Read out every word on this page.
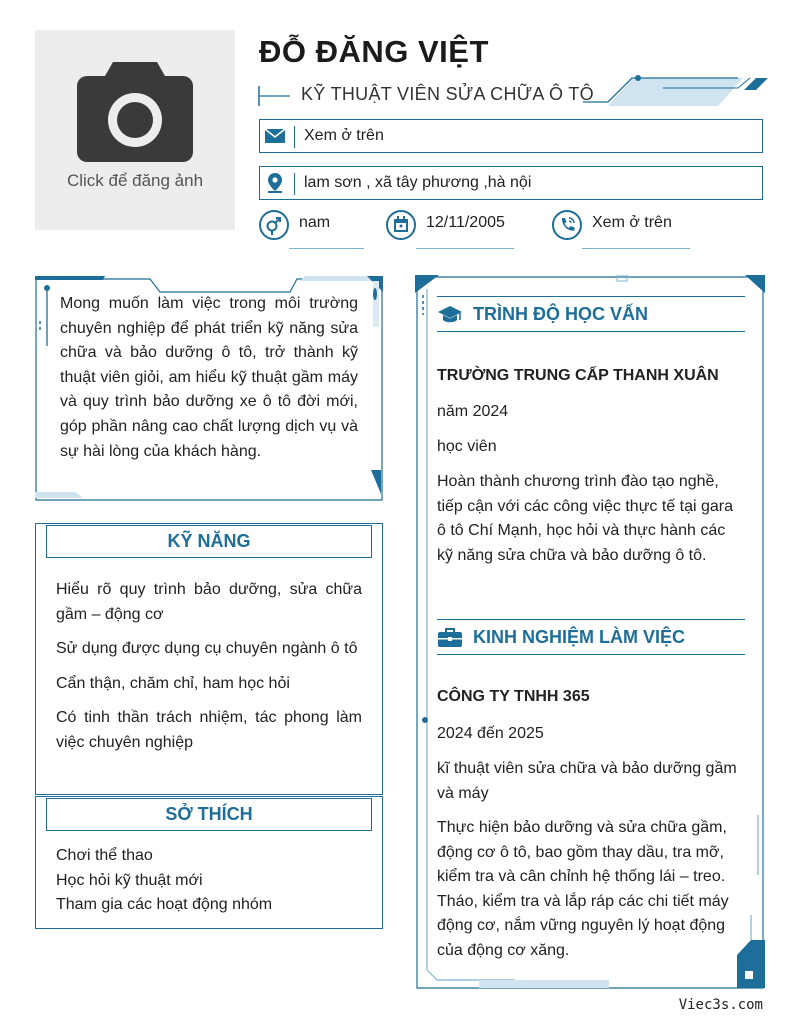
Click để đăng ảnh
ĐỖ ĐĂNG VIỆT
KỸ THUẬT VIÊN SỬA CHỮA Ô TÔ
Xem ở trên
lam sơn , xã tây phương ,hà nội
nam	12/11/2005	Xem ở trên
Mong muốn làm việc trong môi trường chuyên nghiệp để phát triển kỹ năng sửa chữa và bảo dưỡng ô tô, trở thành kỹ thuật viên giỏi, am hiểu kỹ thuật gầm máy và quy trình bảo dưỡng xe ô tô đời mới, góp phần nâng cao chất lượng dịch vụ và sự hài lòng của khách hàng.
KỸ NĂNG
Hiểu rõ quy trình bảo dưỡng, sửa chữa gầm – động cơ
Sử dụng được dụng cụ chuyên ngành ô tô
Cẩn thận, chăm chỉ, ham học hỏi
Có tinh thần trách nhiệm, tác phong làm việc chuyên nghiệp
SỞ THÍCH
Chơi thể thao
Học hỏi kỹ thuật mới
Tham gia các hoạt động nhóm
TRÌNH ĐỘ HỌC VẤN
TRƯỜNG TRUNG CẤP THANH XUÂN
năm 2024
học viên
Hoàn thành chương trình đào tạo nghề, tiếp cận với các công việc thực tế tại gara ô tô Chí Mạnh, học hỏi và thực hành các kỹ năng sửa chữa và bảo dưỡng ô tô.
KINH NGHIỆM LÀM VIỆC
CÔNG TY TNHH 365
2024 đến 2025
kĩ thuật viên sửa chữa và bảo dưỡng gầm và máy
Thực hiện bảo dưỡng và sửa chữa gầm, động cơ ô tô, bao gồm thay dầu, tra mỡ, kiểm tra và cân chỉnh hệ thống lái – treo. Tháo, kiểm tra và lắp ráp các chi tiết máy động cơ, nắm vững nguyên lý hoạt động của động cơ xăng.
Viec3s.com
